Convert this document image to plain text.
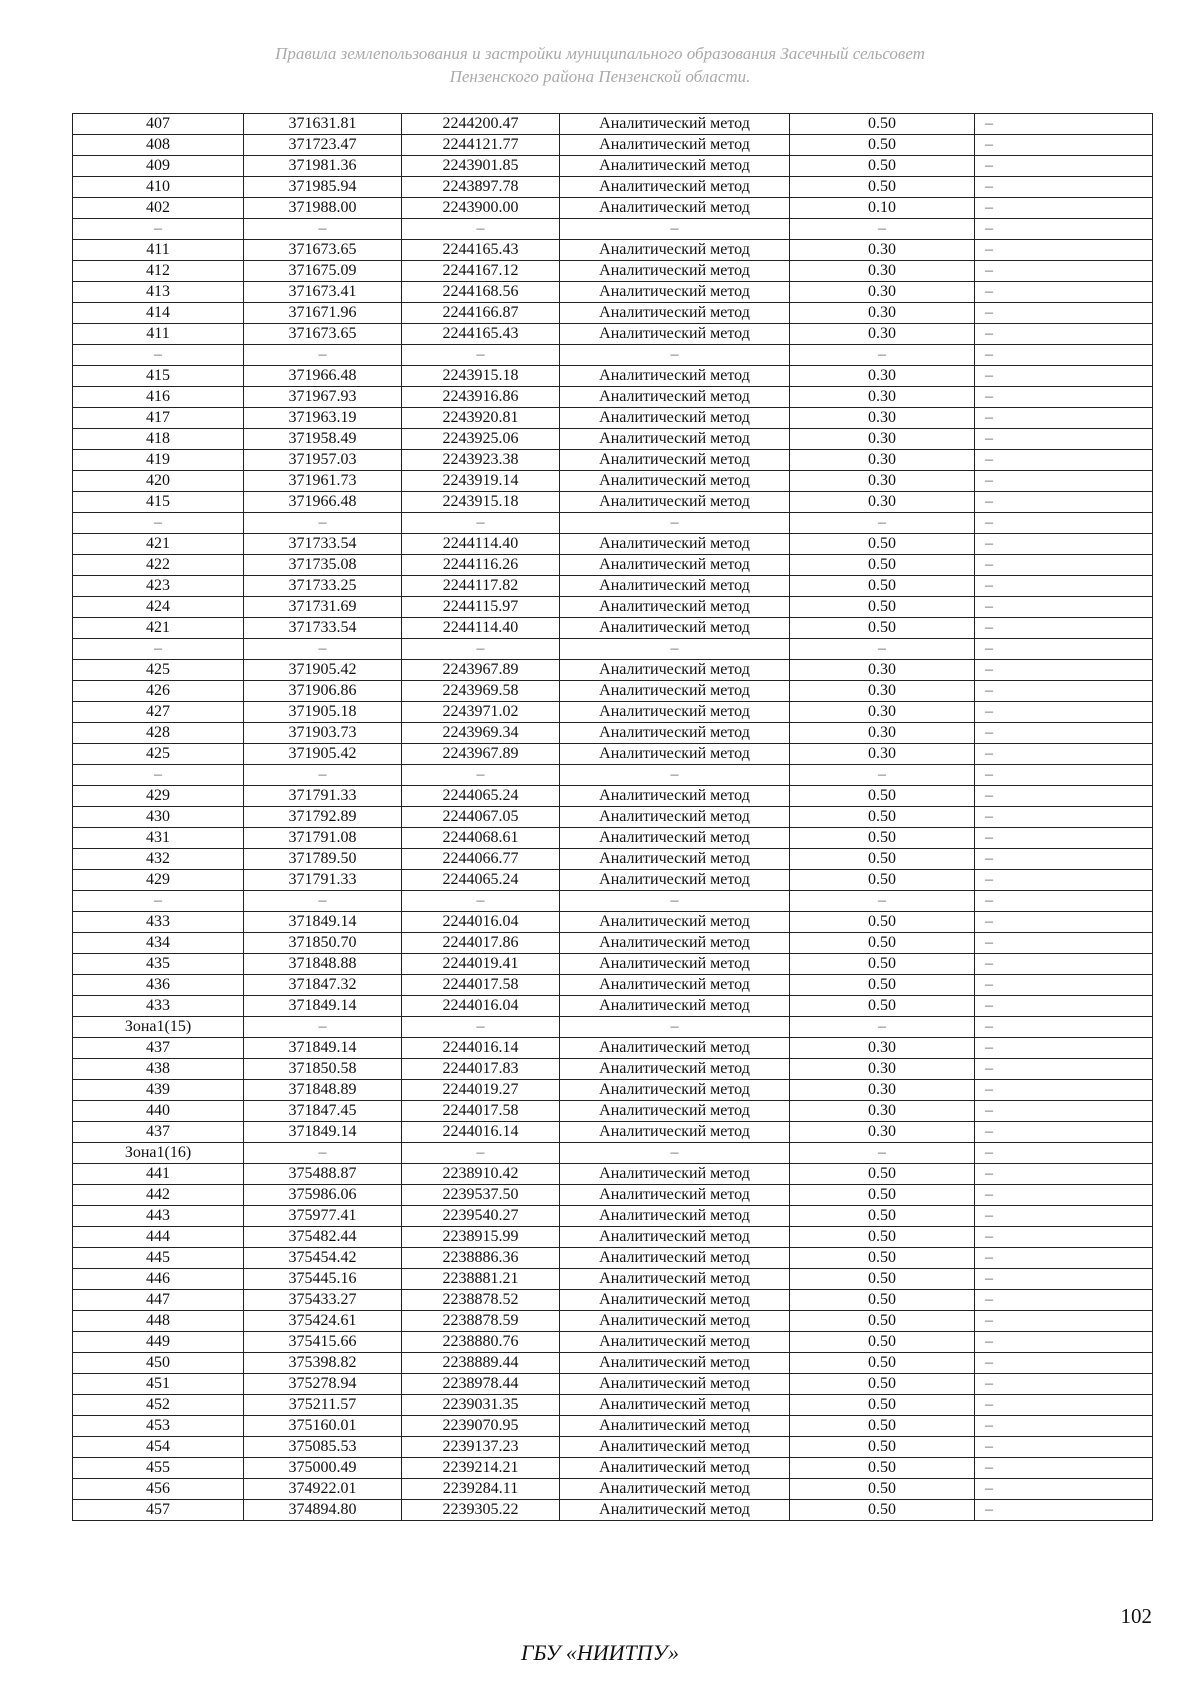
Правила землепользования и застройки муниципального образования Засечный сельсовет
Пензенского района Пензенской области.
407	371631.81	2244200.47	Аналитический метод	0.50	–
408	371723.47	2244121.77	Аналитический метод	0.50	–
409	371981.36	2243901.85	Аналитический метод	0.50	–
410	371985.94	2243897.78	Аналитический метод	0.50	–
402	371988.00	2243900.00	Аналитический метод	0.10	–
–	–	–	–	–	–
411	371673.65	2244165.43	Аналитический метод	0.30	–
412	371675.09	2244167.12	Аналитический метод	0.30	–
413	371673.41	2244168.56	Аналитический метод	0.30	–
414	371671.96	2244166.87	Аналитический метод	0.30	–
411	371673.65	2244165.43	Аналитический метод	0.30	–
–	–	–	–	–	–
415	371966.48	2243915.18	Аналитический метод	0.30	–
416	371967.93	2243916.86	Аналитический метод	0.30	–
417	371963.19	2243920.81	Аналитический метод	0.30	–
418	371958.49	2243925.06	Аналитический метод	0.30	–
419	371957.03	2243923.38	Аналитический метод	0.30	–
420	371961.73	2243919.14	Аналитический метод	0.30	–
415	371966.48	2243915.18	Аналитический метод	0.30	–
–	–	–	–	–	–
421	371733.54	2244114.40	Аналитический метод	0.50	–
422	371735.08	2244116.26	Аналитический метод	0.50	–
423	371733.25	2244117.82	Аналитический метод	0.50	–
424	371731.69	2244115.97	Аналитический метод	0.50	–
421	371733.54	2244114.40	Аналитический метод	0.50	–
–	–	–	–	–	–
425	371905.42	2243967.89	Аналитический метод	0.30	–
426	371906.86	2243969.58	Аналитический метод	0.30	–
427	371905.18	2243971.02	Аналитический метод	0.30	–
428	371903.73	2243969.34	Аналитический метод	0.30	–
425	371905.42	2243967.89	Аналитический метод	0.30	–
–	–	–	–	–	–
429	371791.33	2244065.24	Аналитический метод	0.50	–
430	371792.89	2244067.05	Аналитический метод	0.50	–
431	371791.08	2244068.61	Аналитический метод	0.50	–
432	371789.50	2244066.77	Аналитический метод	0.50	–
429	371791.33	2244065.24	Аналитический метод	0.50	–
–	–	–	–	–	–
433	371849.14	2244016.04	Аналитический метод	0.50	–
434	371850.70	2244017.86	Аналитический метод	0.50	–
435	371848.88	2244019.41	Аналитический метод	0.50	–
436	371847.32	2244017.58	Аналитический метод	0.50	–
433	371849.14	2244016.04	Аналитический метод	0.50	–
Зона1(15)	–	–	–	–	–
437	371849.14	2244016.14	Аналитический метод	0.30	–
438	371850.58	2244017.83	Аналитический метод	0.30	–
439	371848.89	2244019.27	Аналитический метод	0.30	–
440	371847.45	2244017.58	Аналитический метод	0.30	–
437	371849.14	2244016.14	Аналитический метод	0.30	–
Зона1(16)	–	–	–	–	–
441	375488.87	2238910.42	Аналитический метод	0.50	–
442	375986.06	2239537.50	Аналитический метод	0.50	–
443	375977.41	2239540.27	Аналитический метод	0.50	–
444	375482.44	2238915.99	Аналитический метод	0.50	–
445	375454.42	2238886.36	Аналитический метод	0.50	–
446	375445.16	2238881.21	Аналитический метод	0.50	–
447	375433.27	2238878.52	Аналитический метод	0.50	–
448	375424.61	2238878.59	Аналитический метод	0.50	–
449	375415.66	2238880.76	Аналитический метод	0.50	–
450	375398.82	2238889.44	Аналитический метод	0.50	–
451	375278.94	2238978.44	Аналитический метод	0.50	–
452	375211.57	2239031.35	Аналитический метод	0.50	–
453	375160.01	2239070.95	Аналитический метод	0.50	–
454	375085.53	2239137.23	Аналитический метод	0.50	–
455	375000.49	2239214.21	Аналитический метод	0.50	–
456	374922.01	2239284.11	Аналитический метод	0.50	–
457	374894.80	2239305.22	Аналитический метод	0.50	–
102
ГБУ «НИИТПУ»
